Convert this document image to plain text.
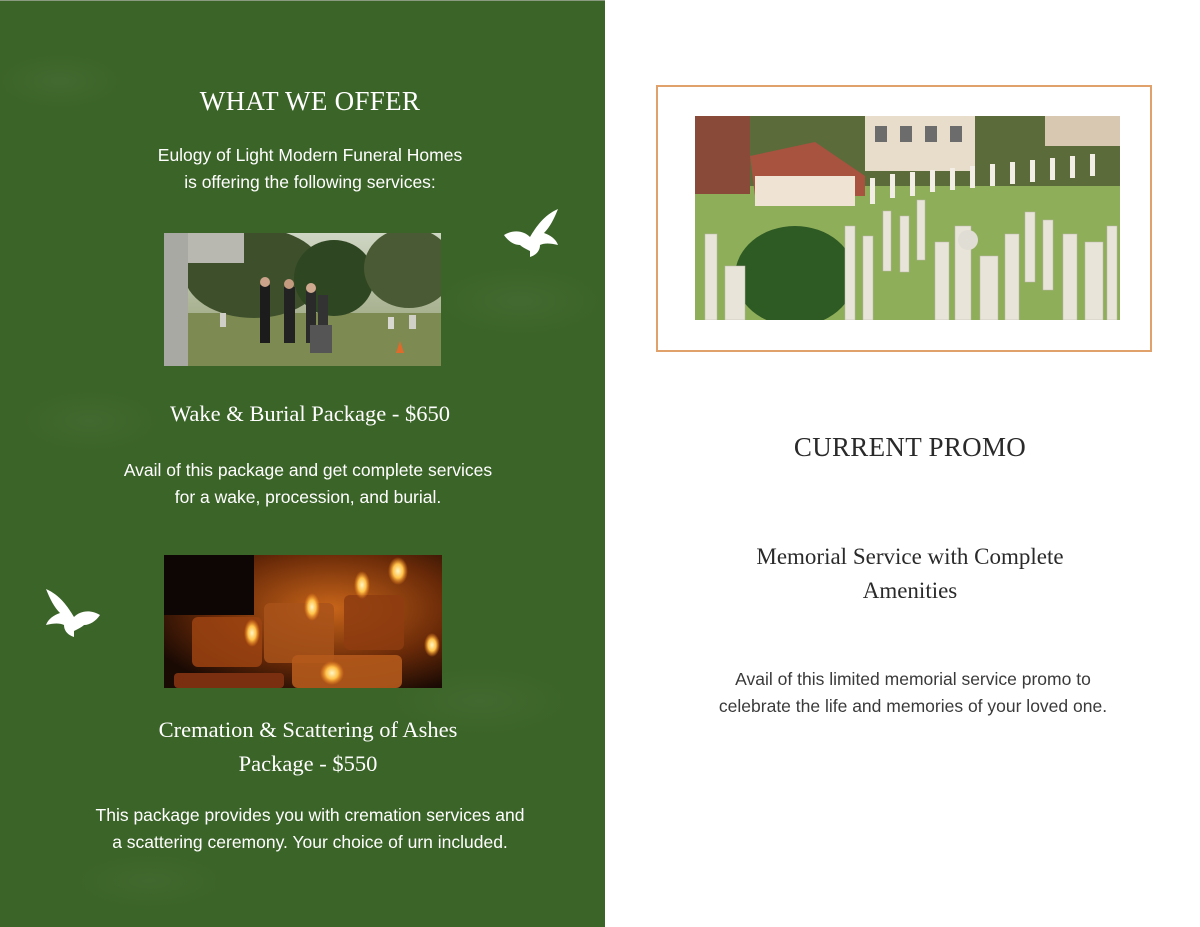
WHAT WE OFFER
Eulogy of Light Modern Funeral Homes
is offering the following services:
Wake & Burial Package - $650
Avail of this package and get complete services
for a wake, procession, and burial.
Cremation & Scattering of Ashes
Package - $550
This package provides you with cremation services and
a scattering ceremony. Your choice of urn included.
CURRENT PROMO
Memorial Service with Complete
Amenities
Avail of this limited memorial service promo to
celebrate the life and memories of your loved one.
